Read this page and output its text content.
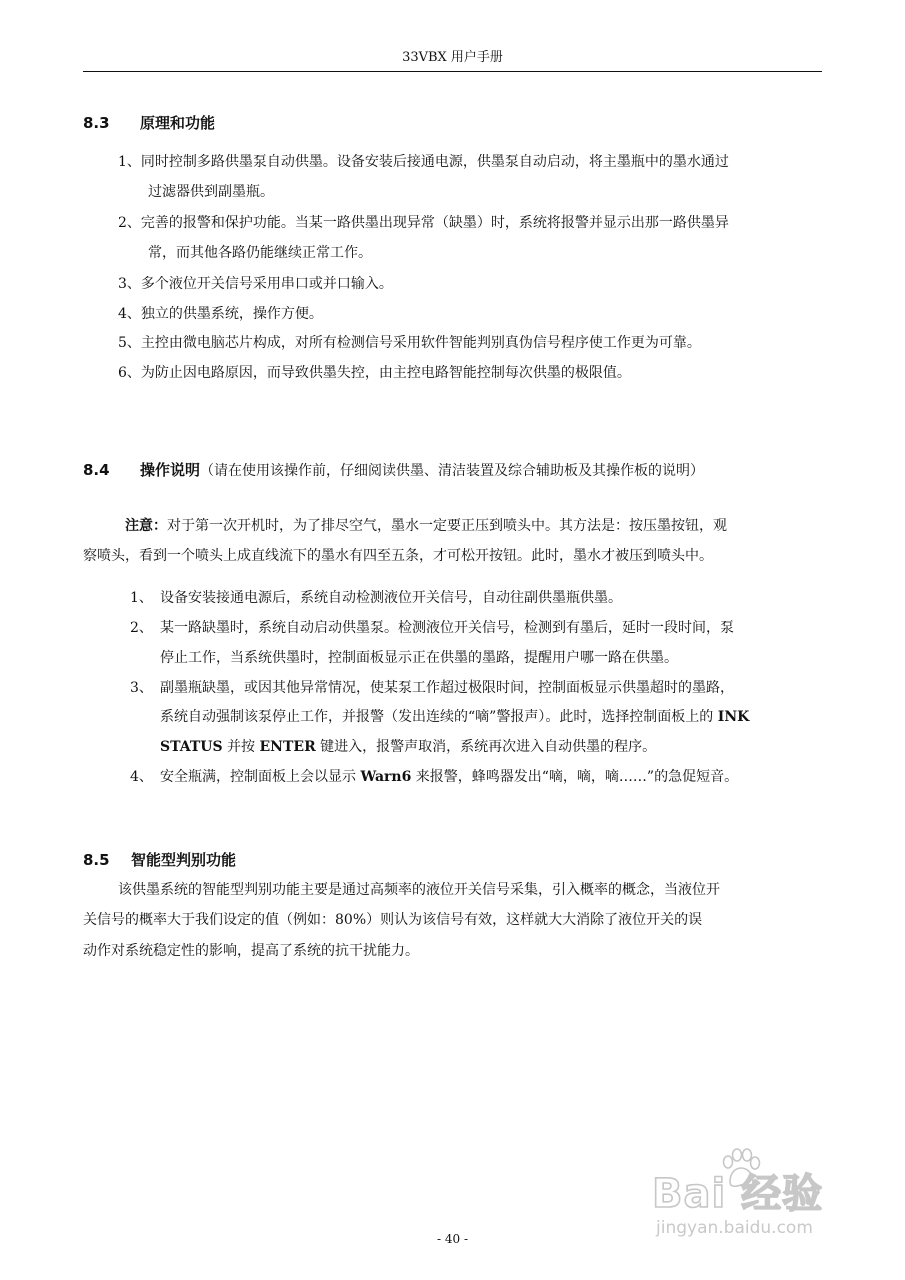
33VBX 用户手册
8.3 原理和功能
1、同时控制多路供墨泵自动供墨。设备安装后接通电源，供墨泵自动启动，将主墨瓶中的墨水通过
过滤器供到副墨瓶。
2、完善的报警和保护功能。当某一路供墨出现异常（缺墨）时，系统将报警并显示出那一路供墨异
常，而其他各路仍能继续正常工作。
3、多个液位开关信号采用串口或并口输入。
4、独立的供墨系统，操作方便。
5、主控由微电脑芯片构成，对所有检测信号采用软件智能判别真伪信号程序使工作更为可靠。
6、为防止因电路原因，而导致供墨失控，由主控电路智能控制每次供墨的极限值。
8.4 操作说明（请在使用该操作前，仔细阅读供墨、清洁装置及综合辅助板及其操作板的说明）
注意：对于第一次开机时，为了排尽空气，墨水一定要正压到喷头中。其方法是：按压墨按钮，观
察喷头，看到一个喷头上成直线流下的墨水有四至五条，才可松开按钮。此时，墨水才被压到喷头中。
1、 设备安装接通电源后，系统自动检测液位开关信号，自动往副供墨瓶供墨。
2、 某一路缺墨时，系统自动启动供墨泵。检测液位开关信号，检测到有墨后，延时一段时间，泵
停止工作，当系统供墨时，控制面板显示正在供墨的墨路，提醒用户哪一路在供墨。
3、 副墨瓶缺墨，或因其他异常情况，使某泵工作超过极限时间，控制面板显示供墨超时的墨路，
系统自动强制该泵停止工作，并报警（发出连续的“嘀”警报声）。此时，选择控制面板上的 INK
STATUS 并按 ENTER 键进入，报警声取消，系统再次进入自动供墨的程序。
4、 安全瓶满，控制面板上会以显示 Warn6 来报警，蜂鸣器发出“嘀，嘀，嘀……”的急促短音。
8.5 智能型判别功能
该供墨系统的智能型判别功能主要是通过高频率的液位开关信号采集，引入概率的概念，当液位开
关信号的概率大于我们设定的值（例如：80%）则认为该信号有效，这样就大大消除了液位开关的误
动作对系统稳定性的影响，提高了系统的抗干扰能力。
Bai 经验
jingyan.baidu.com
- 40 -
